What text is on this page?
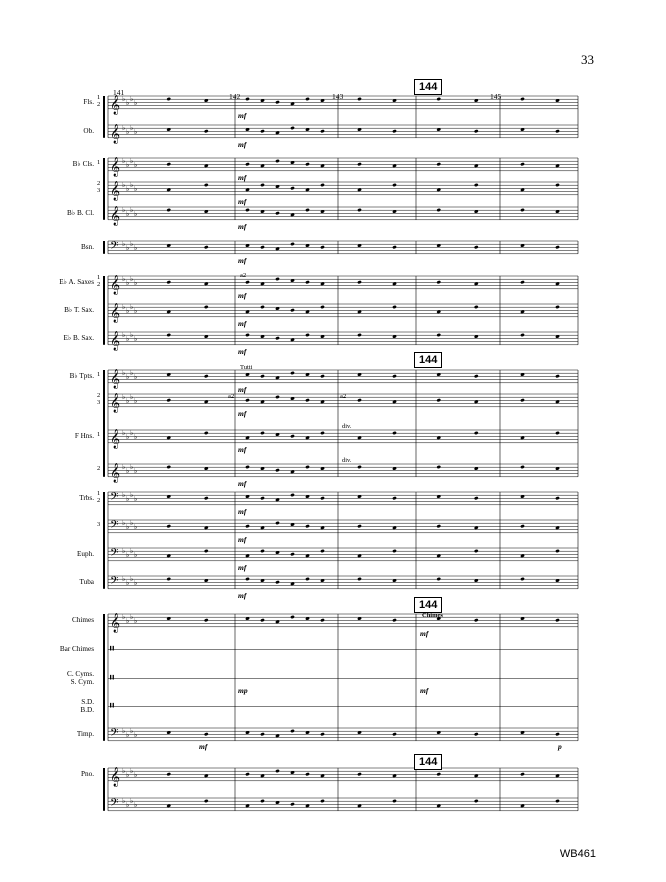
33
Fls.
1
2
Ob.
B♭ Cls. 1
2
3
B♭ B. Cl.
Bsn.
E♭ A. Saxes
1
2
B♭ T. Sax.
E♭ B. Sax.
B♭ Tpts. 1
2
3
F Hns. 1
2
Trbs.
1
2
3
Euph.
Tuba
Chimes
Bar Chimes
C. Cyms.
S. Cym.
S.D.
B.D.
Timp.
Pno.
𝄞 ♭ ♭ ♭ ♭
𝄞 ♭ ♭ ♭ ♭
𝄞 ♭ ♭ ♭ ♭
𝄞 ♭ ♭ ♭ ♭
𝄞 ♭ ♭ ♭ ♭
𝄢 ♭ ♭ ♭ ♭
𝄞 ♭ ♭ ♭ ♭
𝄞 ♭ ♭ ♭ ♭
𝄞 ♭ ♭ ♭ ♭
𝄞 ♭ ♭ ♭ ♭
𝄞 ♭ ♭ ♭ ♭
𝄞 ♭ ♭ ♭ ♭
𝄞 ♭ ♭ ♭ ♭
𝄢 ♭ ♭ ♭ ♭
𝄢 ♭ ♭ ♭ ♭
𝄢 ♭ ♭ ♭ ♭
𝄢 ♭ ♭ ♭ ♭
𝄞 ♭ ♭ ♭ ♭
𝄥
𝄥
𝄥
𝄢 ♭ ♭ ♭ ♭
𝄞 ♭ ♭ ♭ ♭
𝄢 ♭ ♭ ♭ ♭
141	142	143	145
144
144
144
144
a2
Tutti
a2	a2
div.
div.
Chimes
mf
mf
mf
mf
mf
mf
mf
mf
mf
mf
mf
mf
mf
mf
mf
mf
mf
mf
mp
mf
mf
p
WB461
